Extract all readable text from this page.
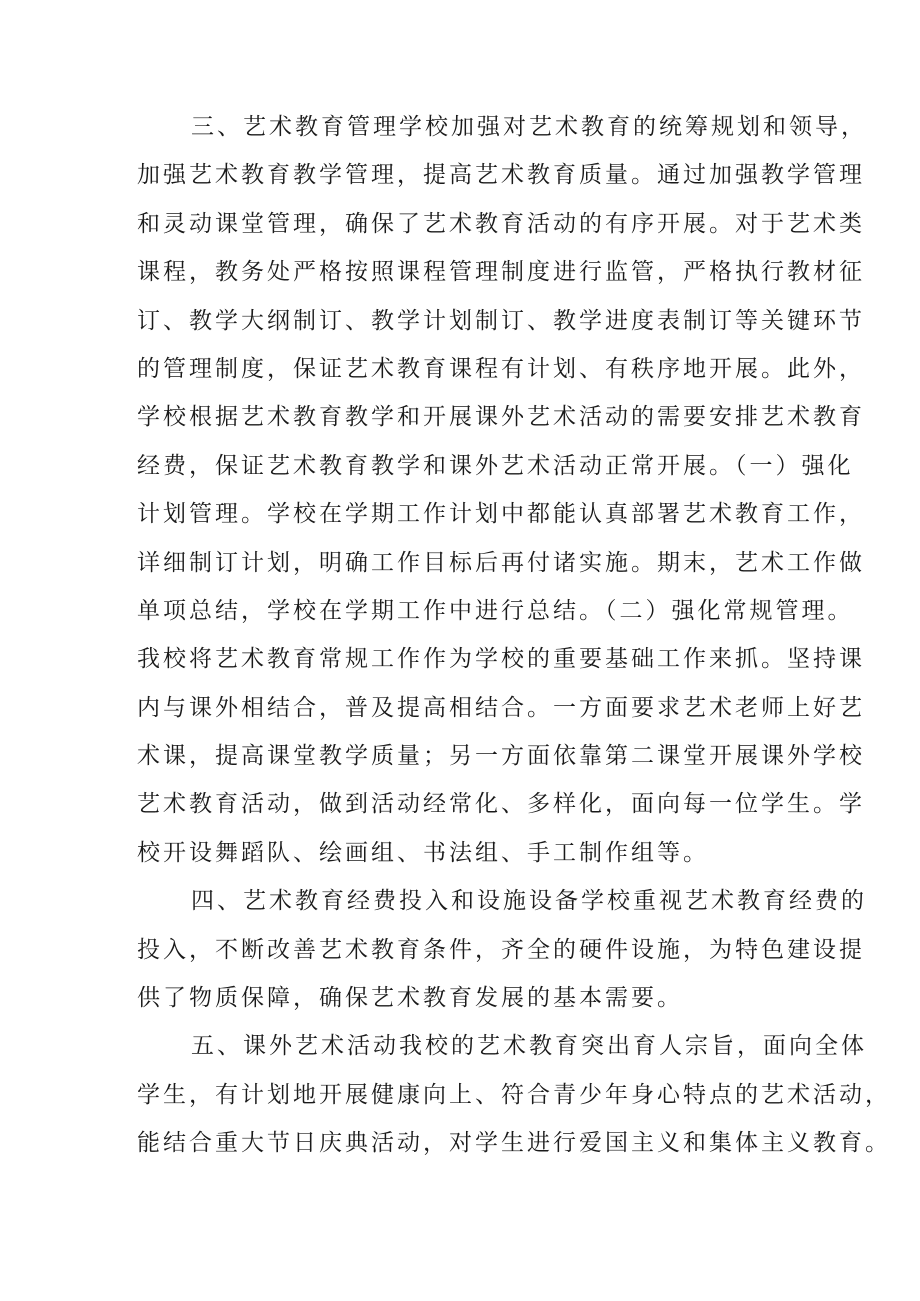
三、艺术教育管理学校加强对艺术教育的统筹规划和领导，
加强艺术教育教学管理，提高艺术教育质量。通过加强教学管理
和灵动课堂管理，确保了艺术教育活动的有序开展。对于艺术类
课程，教务处严格按照课程管理制度进行监管，严格执行教材征
订、教学大纲制订、教学计划制订、教学进度表制订等关键环节
的管理制度，保证艺术教育课程有计划、有秩序地开展。此外，
学校根据艺术教育教学和开展课外艺术活动的需要安排艺术教育
经费，保证艺术教育教学和课外艺术活动正常开展。（一）强化
计划管理。学校在学期工作计划中都能认真部署艺术教育工作，
详细制订计划，明确工作目标后再付诸实施。期末，艺术工作做
单项总结，学校在学期工作中进行总结。（二）强化常规管理。
我校将艺术教育常规工作作为学校的重要基础工作来抓。坚持课
内与课外相结合，普及提高相结合。一方面要求艺术老师上好艺
术课，提高课堂教学质量；另一方面依靠第二课堂开展课外学校
艺术教育活动，做到活动经常化、多样化，面向每一位学生。学
校开设舞蹈队、绘画组、书法组、手工制作组等。
四、艺术教育经费投入和设施设备学校重视艺术教育经费的
投入，不断改善艺术教育条件，齐全的硬件设施，为特色建设提
供了物质保障，确保艺术教育发展的基本需要。
五、课外艺术活动我校的艺术教育突出育人宗旨，面向全体
学生，有计划地开展健康向上、符合青少年身心特点的艺术活动，
能结合重大节日庆典活动，对学生进行爱国主义和集体主义教育。
